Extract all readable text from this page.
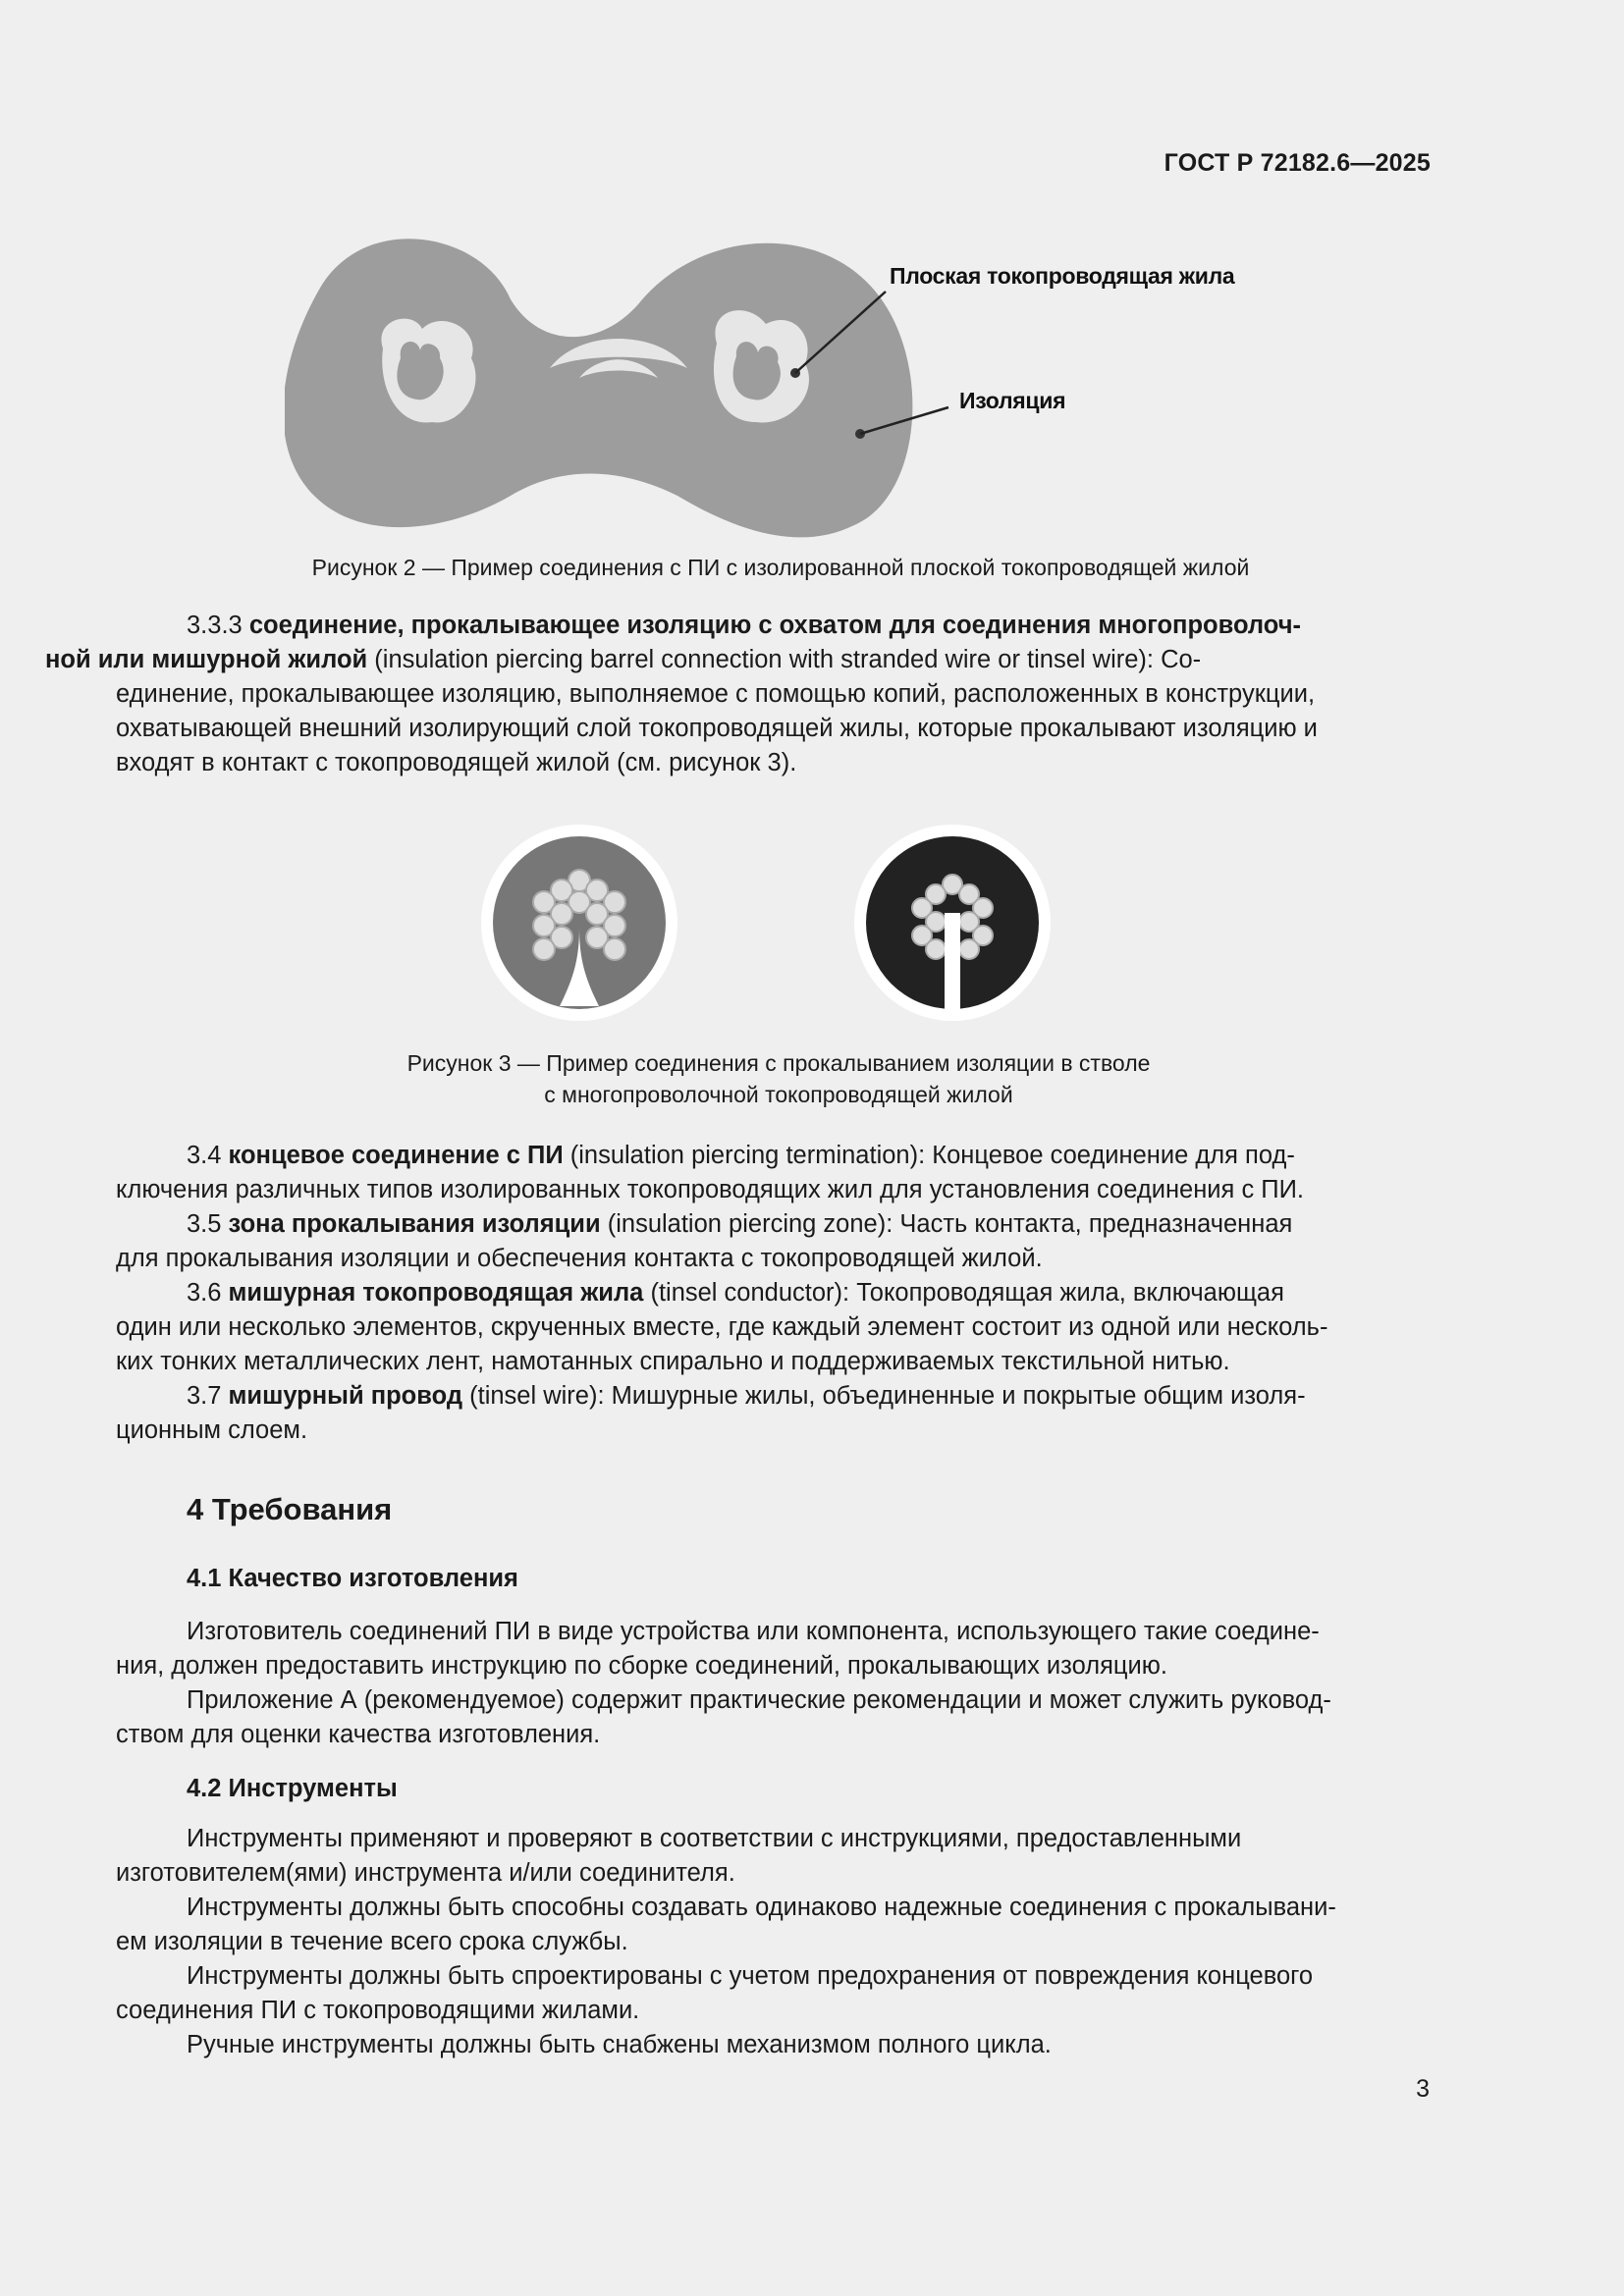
ГОСТ Р 72182.6—2025
Плоская токопроводящая жила
Изоляция
Рисунок 2 — Пример соединения с ПИ с изолированной плоской токопроводящей жилой

3.3.3 соединение, прокалывающее изоляцию с охватом для соединения многопроволоч-
ной или мишурной жилой (insulation piercing barrel connection with stranded wire or tinsel wire): Со-

единение, прокалывающее изоляцию, выполняемое с помощью копий, расположенных в конструкции,

охватывающей внешний изолирующий слой токопроводящей жилы, которые прокалывают изоляцию и

входят в контакт с токопроводящей жилой (см. рисунок 3).

Рисунок 3 — Пример соединения с прокалыванием изоляции в стволе
с многопроволочной токопроводящей жилой

3.4 концевое соединение с ПИ (insulation piercing termination): Концевое соединение для под-

ключения различных типов изолированных токопроводящих жил для установления соединения с ПИ.

3.5 зона прокалывания изоляции (insulation piercing zone): Часть контакта, предназначенная

для прокалывания изоляции и обеспечения контакта с токопроводящей жилой.

3.6 мишурная токопроводящая жила (tinsel conductor): Токопроводящая жила, включающая

один или несколько элементов, скрученных вместе, где каждый элемент состоит из одной или несколь-

ких тонких металлических лент, намотанных спирально и поддерживаемых текстильной нитью.

3.7 мишурный провод (tinsel wire): Мишурные жилы, объединенные и покрытые общим изоля-

ционным слоем.

4 Требования
4.1 Качество изготовления

Изготовитель соединений ПИ в виде устройства или компонента, использующего такие соедине-

ния, должен предоставить инструкцию по сборке соединений, прокалывающих изоляцию.

Приложение А (рекомендуемое) содержит практические рекомендации и может служить руковод-

ством для оценки качества изготовления.

4.2 Инструменты

Инструменты применяют и проверяют в соответствии с инструкциями, предоставленными

изготовителем(ями) инструмента и/или соединителя.

Инструменты должны быть способны создавать одинаково надежные соединения с прокалывани-

ем изоляции в течение всего срока службы.

Инструменты должны быть спроектированы с учетом предохранения от повреждения концевого

соединения ПИ с токопроводящими жилами.

Ручные инструменты должны быть снабжены механизмом полного цикла.

3
